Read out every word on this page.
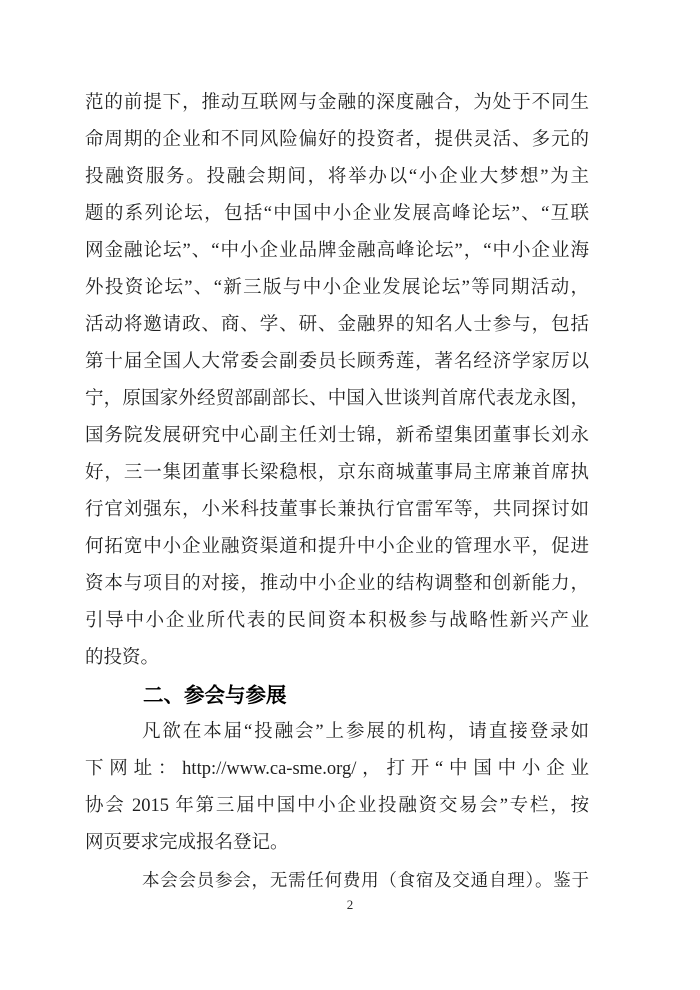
范的前提下，推动互联网与金融的深度融合，为处于不同生
命周期的企业和不同风险偏好的投资者，提供灵活、多元的
投融资服务。投融会期间，将举办以“小企业大梦想”为主
题的系列论坛，包括“中国中小企业发展高峰论坛”、“互联
网金融论坛”、“中小企业品牌金融高峰论坛”，“中小企业海
外投资论坛”、“新三版与中小企业发展论坛”等同期活动，
活动将邀请政、商、学、研、金融界的知名人士参与，包括
第十届全国人大常委会副委员长顾秀莲，著名经济学家厉以
宁，原国家外经贸部副部长、中国入世谈判首席代表龙永图，
国务院发展研究中心副主任刘士锦，新希望集团董事长刘永
好，三一集团董事长梁稳根，京东商城董事局主席兼首席执
行官刘强东，小米科技董事长兼执行官雷军等，共同探讨如
何拓宽中小企业融资渠道和提升中小企业的管理水平，促进
资本与项目的对接，推动中小企业的结构调整和创新能力，
引导中小企业所代表的民间资本积极参与战略性新兴产业
的投资。
二、参会与参展
凡欲在本届“投融会”上参展的机构，请直接登录如
下网址：http://www.ca-sme.org/，打开“中国中小企业
协会 2015 年第三届中国中小企业投融资交易会”专栏，按
网页要求完成报名登记。
本会会员参会，无需任何费用（食宿及交通自理）。鉴于
2
